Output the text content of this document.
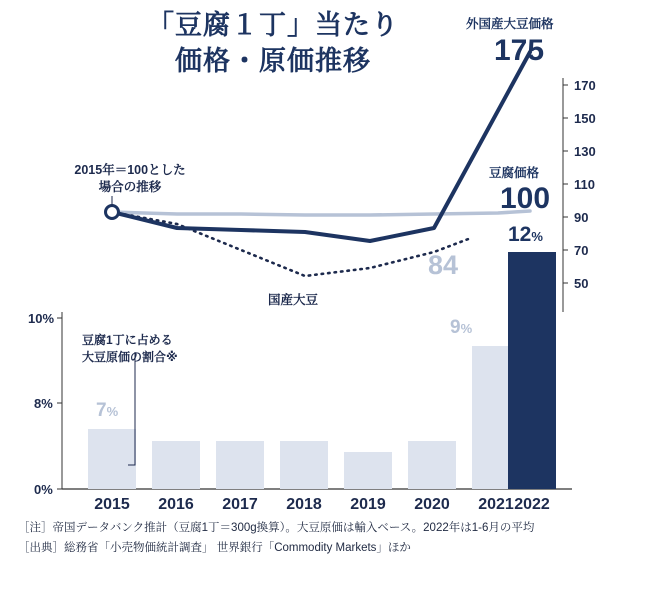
「豆腐１丁」当たり
価格・原価推移
170
150
130
110
90
70
50
10%
8%
0%
2015 2016 2017 2018 2019 2020 2021 2022
2015年＝100とした
場合の推移
外国産大豆価格
175
豆腐価格
100
国産大豆
84
豆腐1丁に占める
大豆原価の割合※
7%
9%
12%
［注］帝国データバンク推計（豆腐1丁＝300g換算）。大豆原価は輸入ベース。2022年は1-6月の平均
［出典］総務省「小売物価統計調査」 世界銀行「Commodity Markets」ほか
